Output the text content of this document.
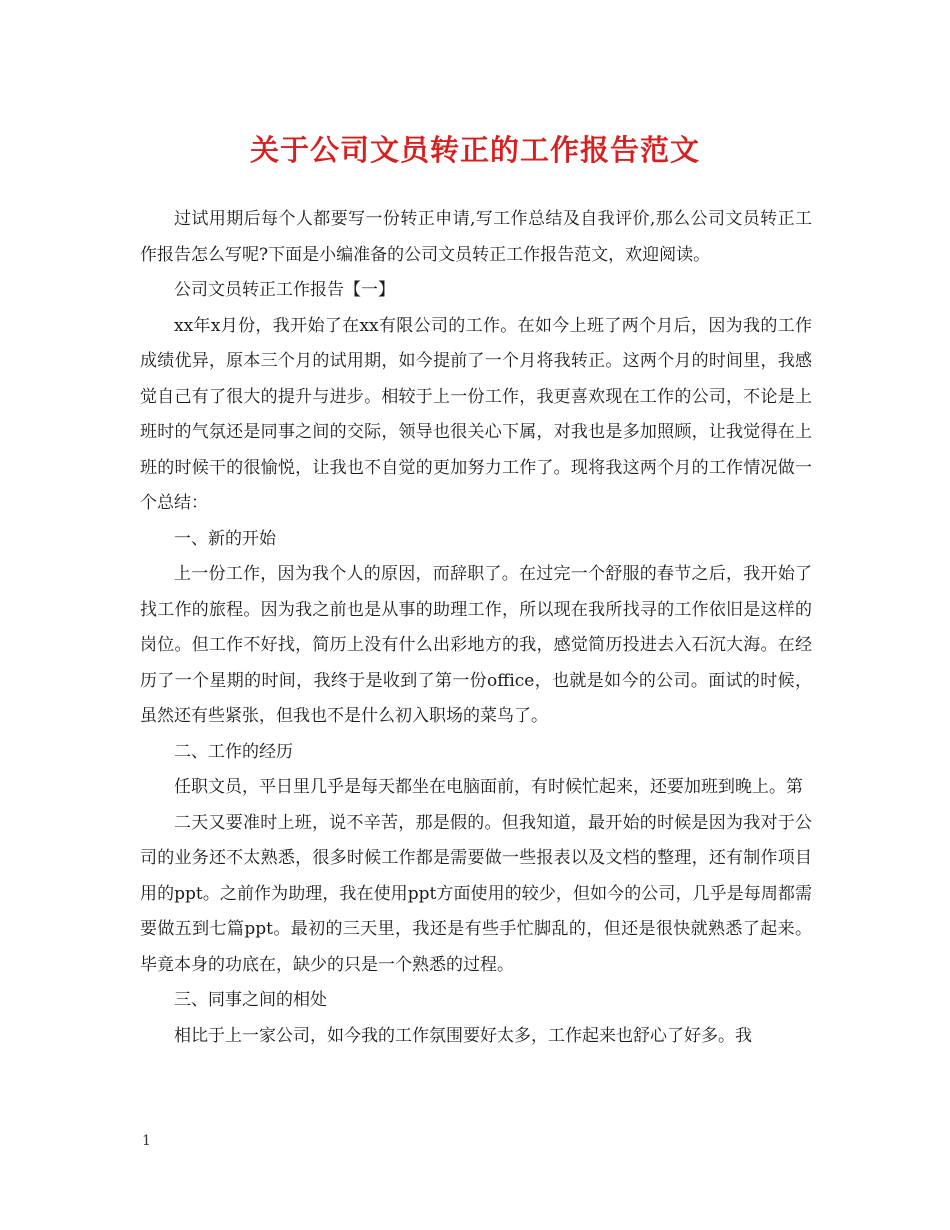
关于公司文员转正的工作报告范文

过试用期后每个人都要写一份转正申请,写工作总结及自我评价,那么公司文员转正工作报告怎么写呢?下面是小编准备的公司文员转正工作报告范文，欢迎阅读。

公司文员转正工作报告【一】

xx年x月份，我开始了在xx有限公司的工作。在如今上班了两个月后，因为我的工作成绩优异，原本三个月的试用期，如今提前了一个月将我转正。这两个月的时间里，我感觉自己有了很大的提升与进步。相较于上一份工作，我更喜欢现在工作的公司，不论是上班时的气氛还是同事之间的交际，领导也很关心下属，对我也是多加照顾，让我觉得在上班的时候干的很愉悦，让我也不自觉的更加努力工作了。现将我这两个月的工作情况做一个总结：

一、新的开始

上一份工作，因为我个人的原因，而辞职了。在过完一个舒服的春节之后，我开始了找工作的旅程。因为我之前也是从事的助理工作，所以现在我所找寻的工作依旧是这样的岗位。但工作不好找，简历上没有什么出彩地方的我，感觉简历投进去入石沉大海。在经历了一个星期的时间，我终于是收到了第一份office，也就是如今的公司。面试的时候，虽然还有些紧张，但我也不是什么初入职场的菜鸟了。

二、工作的经历

任职文员，平日里几乎是每天都坐在电脑面前，有时候忙起来，还要加班到晚上。第

二天又要准时上班，说不辛苦，那是假的。但我知道，最开始的时候是因为我对于公司的业务还不太熟悉，很多时候工作都是需要做一些报表以及文档的整理，还有制作项目用的ppt。之前作为助理，我在使用ppt方面使用的较少，但如今的公司，几乎是每周都需要做五到七篇ppt。最初的三天里，我还是有些手忙脚乱的，但还是很快就熟悉了起来。毕竟本身的功底在，缺少的只是一个熟悉的过程。

三、同事之间的相处

相比于上一家公司，如今我的工作氛围要好太多，工作起来也舒心了好多。我

1
